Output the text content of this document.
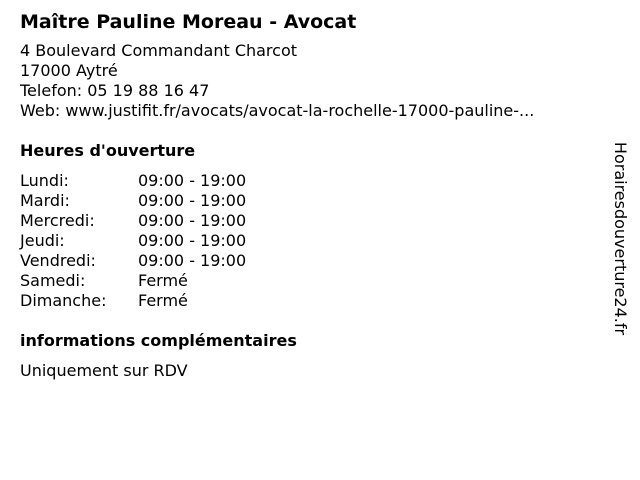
Maître Pauline Moreau - Avocat
4 Boulevard Commandant Charcot
17000 Aytré
Telefon: 05 19 88 16 47
Web: www.justifit.fr/avocats/avocat-la-rochelle-17000-pauline-...
Heures d'ouverture
Lundi:	09:00 - 19:00
Mardi:	09:00 - 19:00
Mercredi:	09:00 - 19:00
Jeudi:	09:00 - 19:00
Vendredi:	09:00 - 19:00
Samedi:	Fermé
Dimanche:	Fermé
informations complémentaires
Uniquement sur RDV
Horairesdouverture24.fr
